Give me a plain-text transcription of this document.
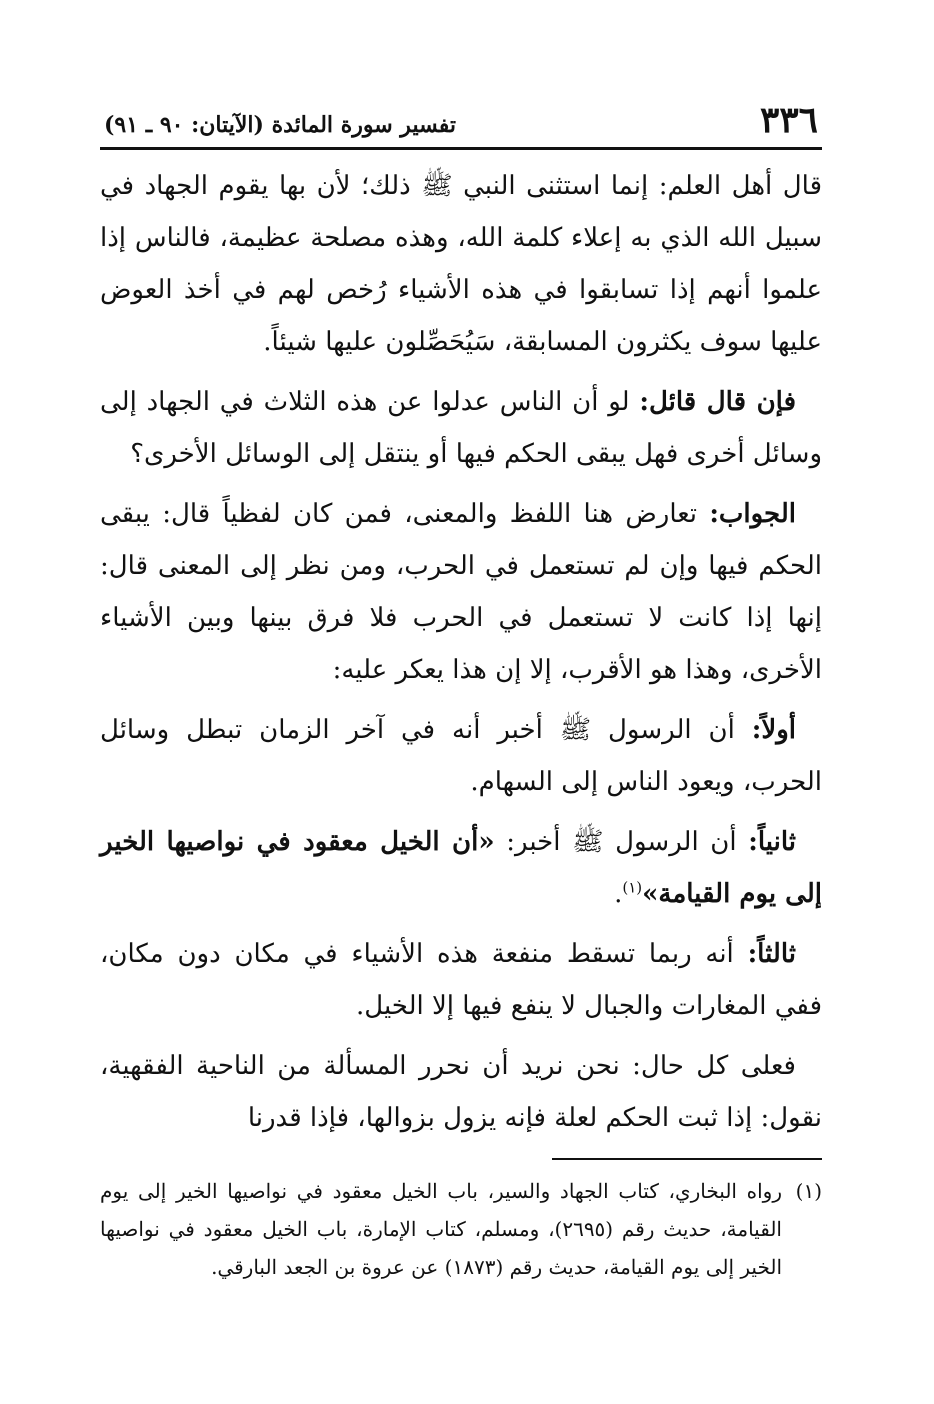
٣٣٦
تفسير سورة المائدة (الآيتان: ٩٠ ـ ٩١)

قال أهل العلم: إنما استثنى النبي ﷺ ذلك؛ لأن بها يقوم الجهاد في سبيل الله الذي به إعلاء كلمة الله، وهذه مصلحة عظيمة، فالناس إذا علموا أنهم إذا تسابقوا في هذه الأشياء رُخص لهم في أخذ العوض عليها سوف يكثرون المسابقة، سَيُحَصِّلون عليها شيئاً.

فإن قال قائل: لو أن الناس عدلوا عن هذه الثلاث في الجهاد إلى وسائل أخرى فهل يبقى الحكم فيها أو ينتقل إلى الوسائل الأخرى؟

الجواب: تعارض هنا اللفظ والمعنى، فمن كان لفظياً قال: يبقى الحكم فيها وإن لم تستعمل في الحرب، ومن نظر إلى المعنى قال: إنها إذا كانت لا تستعمل في الحرب فلا فرق بينها وبين الأشياء الأخرى، وهذا هو الأقرب، إلا إن هذا يعكر عليه:

أولاً: أن الرسول ﷺ أخبر أنه في آخر الزمان تبطل وسائل الحرب، ويعود الناس إلى السهام.

ثانياً: أن الرسول ﷺ أخبر: «أن الخيل معقود في نواصيها الخير إلى يوم القيامة»$^{(١)}$.

ثالثاً: أنه ربما تسقط منفعة هذه الأشياء في مكان دون مكان، ففي المغارات والجبال لا ينفع فيها إلا الخيل.

فعلى كل حال: نحن نريد أن نحرر المسألة من الناحية الفقهية، نقول: إذا ثبت الحكم لعلة فإنه يزول بزوالها، فإذا قدرنا

(١)
رواه البخاري، كتاب الجهاد والسير، باب الخيل معقود في نواصيها الخير إلى يوم القيامة، حديث رقم (٢٦٩٥)، ومسلم، كتاب الإمارة، باب الخيل معقود في نواصيها الخير إلى يوم القيامة، حديث رقم (١٨٧٣) عن عروة بن الجعد البارقي.
